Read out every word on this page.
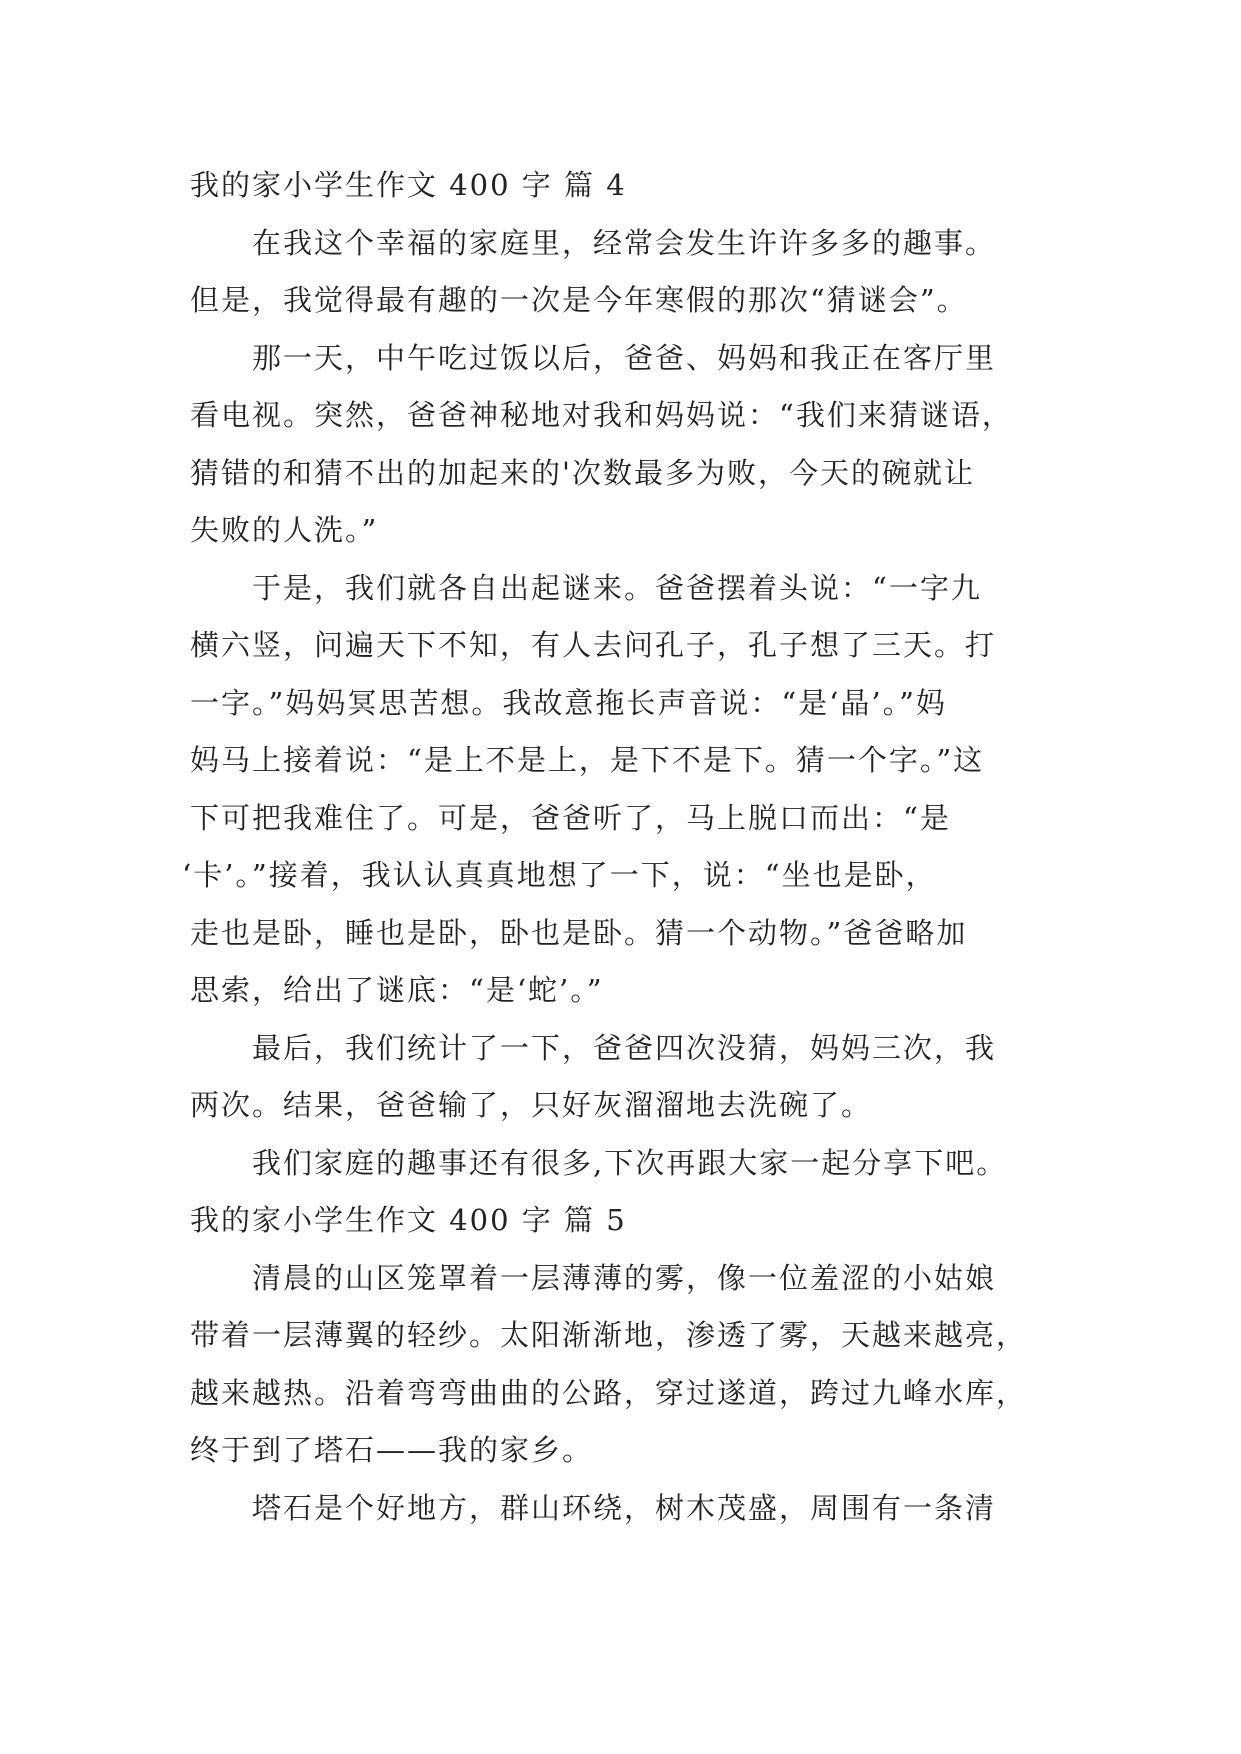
我的家小学生作文 400 字 篇 4

在我这个幸福的家庭里，经常会发生许许多多的趣事。
但是，我觉得最有趣的一次是今年寒假的那次“猜谜会”。

那一天，中午吃过饭以后，爸爸、妈妈和我正在客厅里
看电视。突然，爸爸神秘地对我和妈妈说：“我们来猜谜语，
猜错的和猜不出的加起来的'次数最多为败，今天的碗就让
失败的人洗。”

于是，我们就各自出起谜来。爸爸摆着头说：“一字九
横六竖，问遍天下不知，有人去问孔子，孔子想了三天。打
一字。”妈妈冥思苦想。我故意拖长声音说：“是‘晶’。”妈
妈马上接着说：“是上不是上，是下不是下。猜一个字。”这
下可把我难住了。可是，爸爸听了，马上脱口而出：“是
‘卡’。”接着，我认认真真地想了一下，说：“坐也是卧，
走也是卧，睡也是卧，卧也是卧。猜一个动物。”爸爸略加
思索，给出了谜底：“是‘蛇’。”

最后，我们统计了一下，爸爸四次没猜，妈妈三次，我
两次。结果，爸爸输了，只好灰溜溜地去洗碗了。

我们家庭的趣事还有很多,下次再跟大家一起分享下吧。

我的家小学生作文 400 字 篇 5

清晨的山区笼罩着一层薄薄的雾，像一位羞涩的小姑娘
带着一层薄翼的轻纱。太阳渐渐地，渗透了雾，天越来越亮，
越来越热。沿着弯弯曲曲的公路，穿过遂道，跨过九峰水库，
终于到了塔石——我的家乡。

塔石是个好地方，群山环绕，树木茂盛，周围有一条清
